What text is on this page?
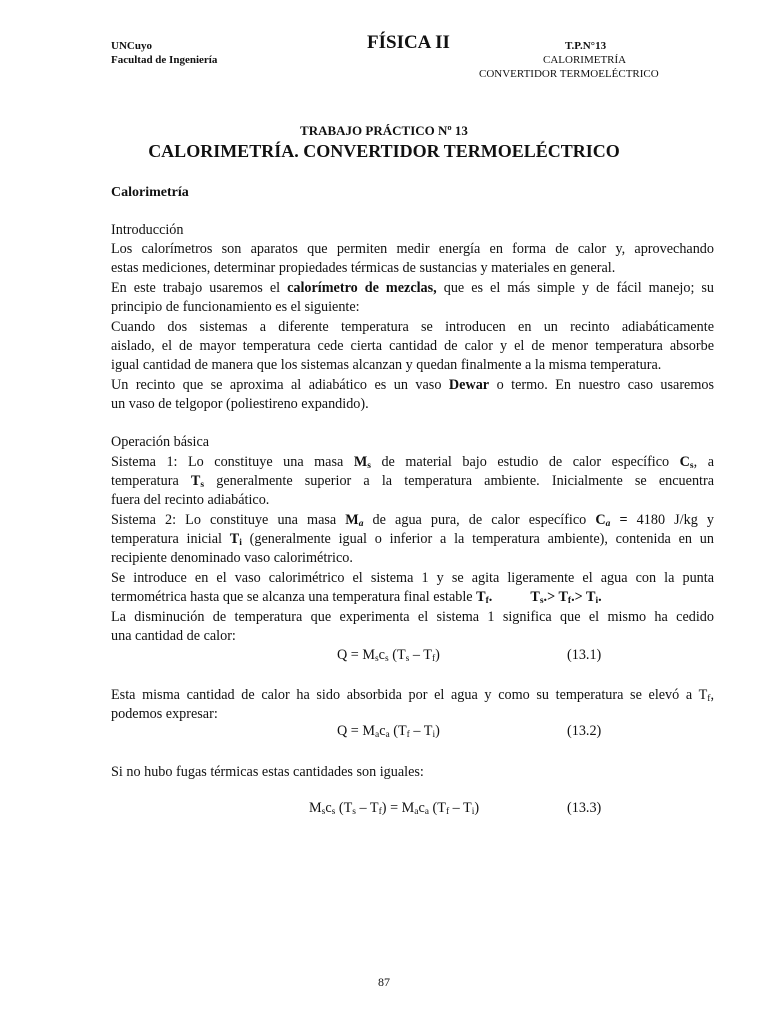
UNCuyo
Facultad de Ingeniería
FÍSICA II	T.P.N°13
CALORIMETRÍA
CONVERTIDOR TERMOELÉCTRICO
TRABAJO PRÁCTICO Nº 13
CALORIMETRÍA. CONVERTIDOR TERMOELÉCTRICO
Calorimetría
Introducción
Los calorímetros son aparatos que permiten medir energía en forma de calor y, aprovechando
estas mediciones, determinar propiedades térmicas de sustancias y materiales en general.
En este trabajo usaremos el calorímetro de mezclas, que es el más simple y de fácil manejo; su
principio de funcionamiento es el siguiente:
Cuando dos sistemas a diferente temperatura se introducen en un recinto adiabáticamente
aislado, el de mayor temperatura cede cierta cantidad de calor y el de menor temperatura absorbe
igual cantidad de manera que los sistemas alcanzan y quedan finalmente a la misma temperatura.
Un recinto que se aproxima al adiabático es un vaso Dewar o termo. En nuestro caso usaremos
un vaso de telgopor (poliestireno expandido).
Operación básica
Sistema 1: Lo constituye una masa $M_s$ de material bajo estudio de calor específico $C_s$, a
temperatura $T_s$ generalmente superior a la temperatura ambiente. Inicialmente se encuentra
fuera del recinto adiabático.
Sistema 2: Lo constituye una masa $M_a$ de agua pura, de calor específico $C_a = 4180$ J/kg y
temperatura inicial $T_i$ (generalmente igual o inferior a la temperatura ambiente), contenida en un
recipiente denominado vaso calorimétrico.
Se introduce en el vaso calorimétrico el sistema 1 y se agita ligeramente el agua con la punta
termométrica hasta que se alcanza una temperatura final estable $T_f$.	$T_s.> T_f.> T_i$.
La disminución de temperatura que experimenta el sistema 1 significa que el mismo ha cedido
una cantidad de calor:
$Q = M_sc_s$ $(T_s - T_f)$	(13.1)
Esta misma cantidad de calor ha sido absorbida por el agua y como su temperatura se elevó a $T_f$,
podemos expresar:
$Q = M_ac_a$ $(T_f - T_i)$	(13.2)
Si no hubo fugas térmicas estas cantidades son iguales:
$M_sc_s$ $(T_s - T_f) = M_ac_a$ $(T_f - T_i)$	(13.3)
87
